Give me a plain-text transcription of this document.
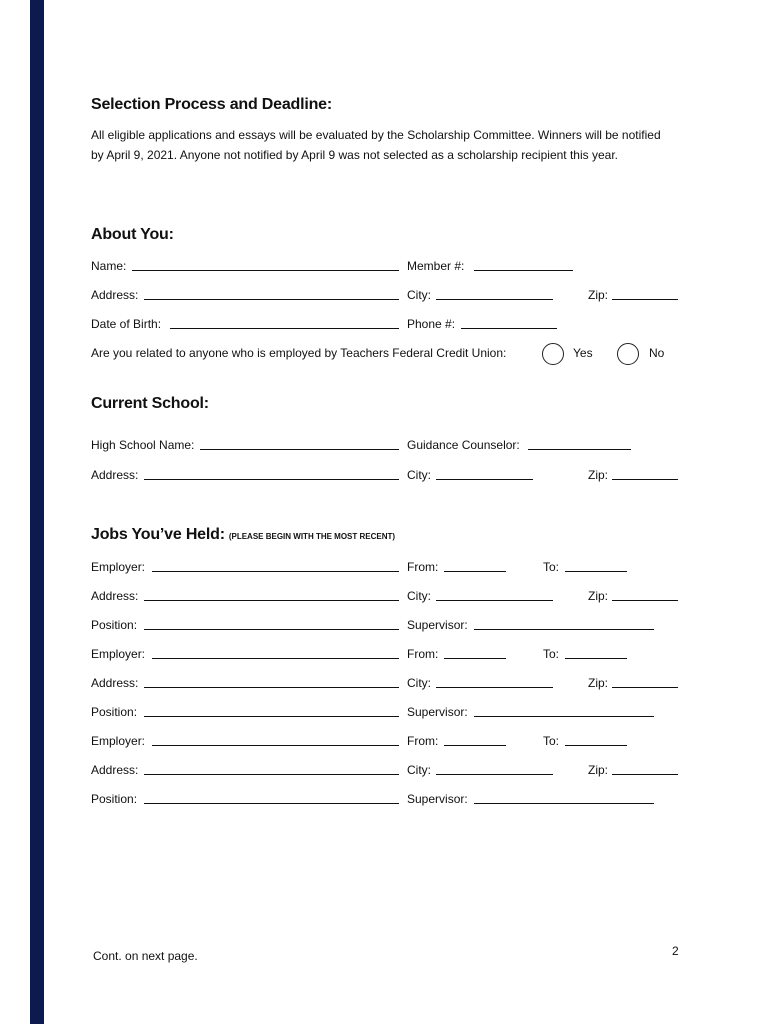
Selection Process and Deadline:
All eligible applications and essays will be evaluated by the Scholarship Committee. Winners will be notified by April 9, 2021. Anyone not notified by April 9 was not selected as a scholarship recipient this year.
About You:
Name:	Member #:
Address:	City:	Zip:
Date of Birth:	Phone #:
Are you related to anyone who is employed by Teachers Federal Credit Union:	Yes	No
Current School:
High School Name:	Guidance Counselor:
Address:	City:	Zip:
Jobs You’ve Held: (PLEASE BEGIN WITH THE MOST RECENT)
Employer:	From:	To:
Address:	City:	Zip:
Position:	Supervisor:
Employer:	From:	To:
Address:	City:	Zip:
Position:	Supervisor:
Employer:	From:	To:
Address:	City:	Zip:
Position:	Supervisor:
Cont. on next page.	2
